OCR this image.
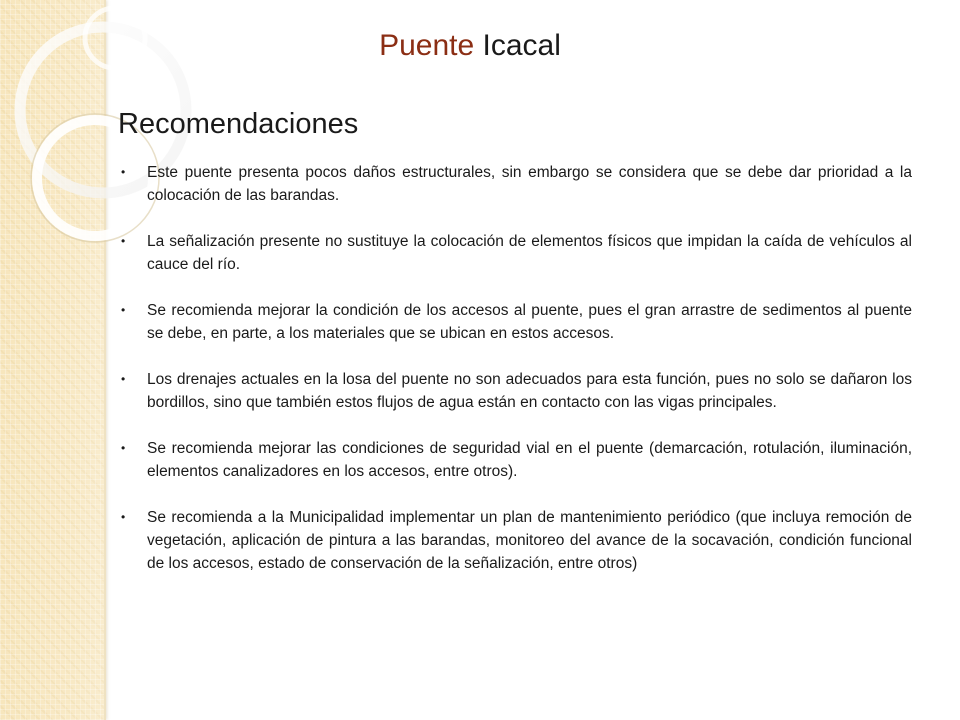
Puente Icacal
Recomendaciones
• Este puente presenta pocos daños estructurales, sin embargo se considera que se debe dar prioridad a la colocación de las barandas.
• La señalización presente no sustituye la colocación de elementos físicos que impidan la caída de vehículos al cauce del río.
• Se recomienda mejorar la condición de los accesos al puente, pues el gran arrastre de sedimentos al puente se debe, en parte, a los materiales que se ubican en estos accesos.
• Los drenajes actuales en la losa del puente no son adecuados para esta función, pues no solo se dañaron los bordillos, sino que también estos flujos de agua están en contacto con las vigas principales.
• Se recomienda mejorar las condiciones de seguridad vial en el puente (demarcación, rotulación, iluminación, elementos canalizadores en los accesos, entre otros).
• Se recomienda a la Municipalidad implementar un plan de mantenimiento periódico (que incluya remoción de vegetación, aplicación de pintura a las barandas, monitoreo del avance de la socavación, condición funcional de los accesos, estado de conservación de la señalización, entre otros)
